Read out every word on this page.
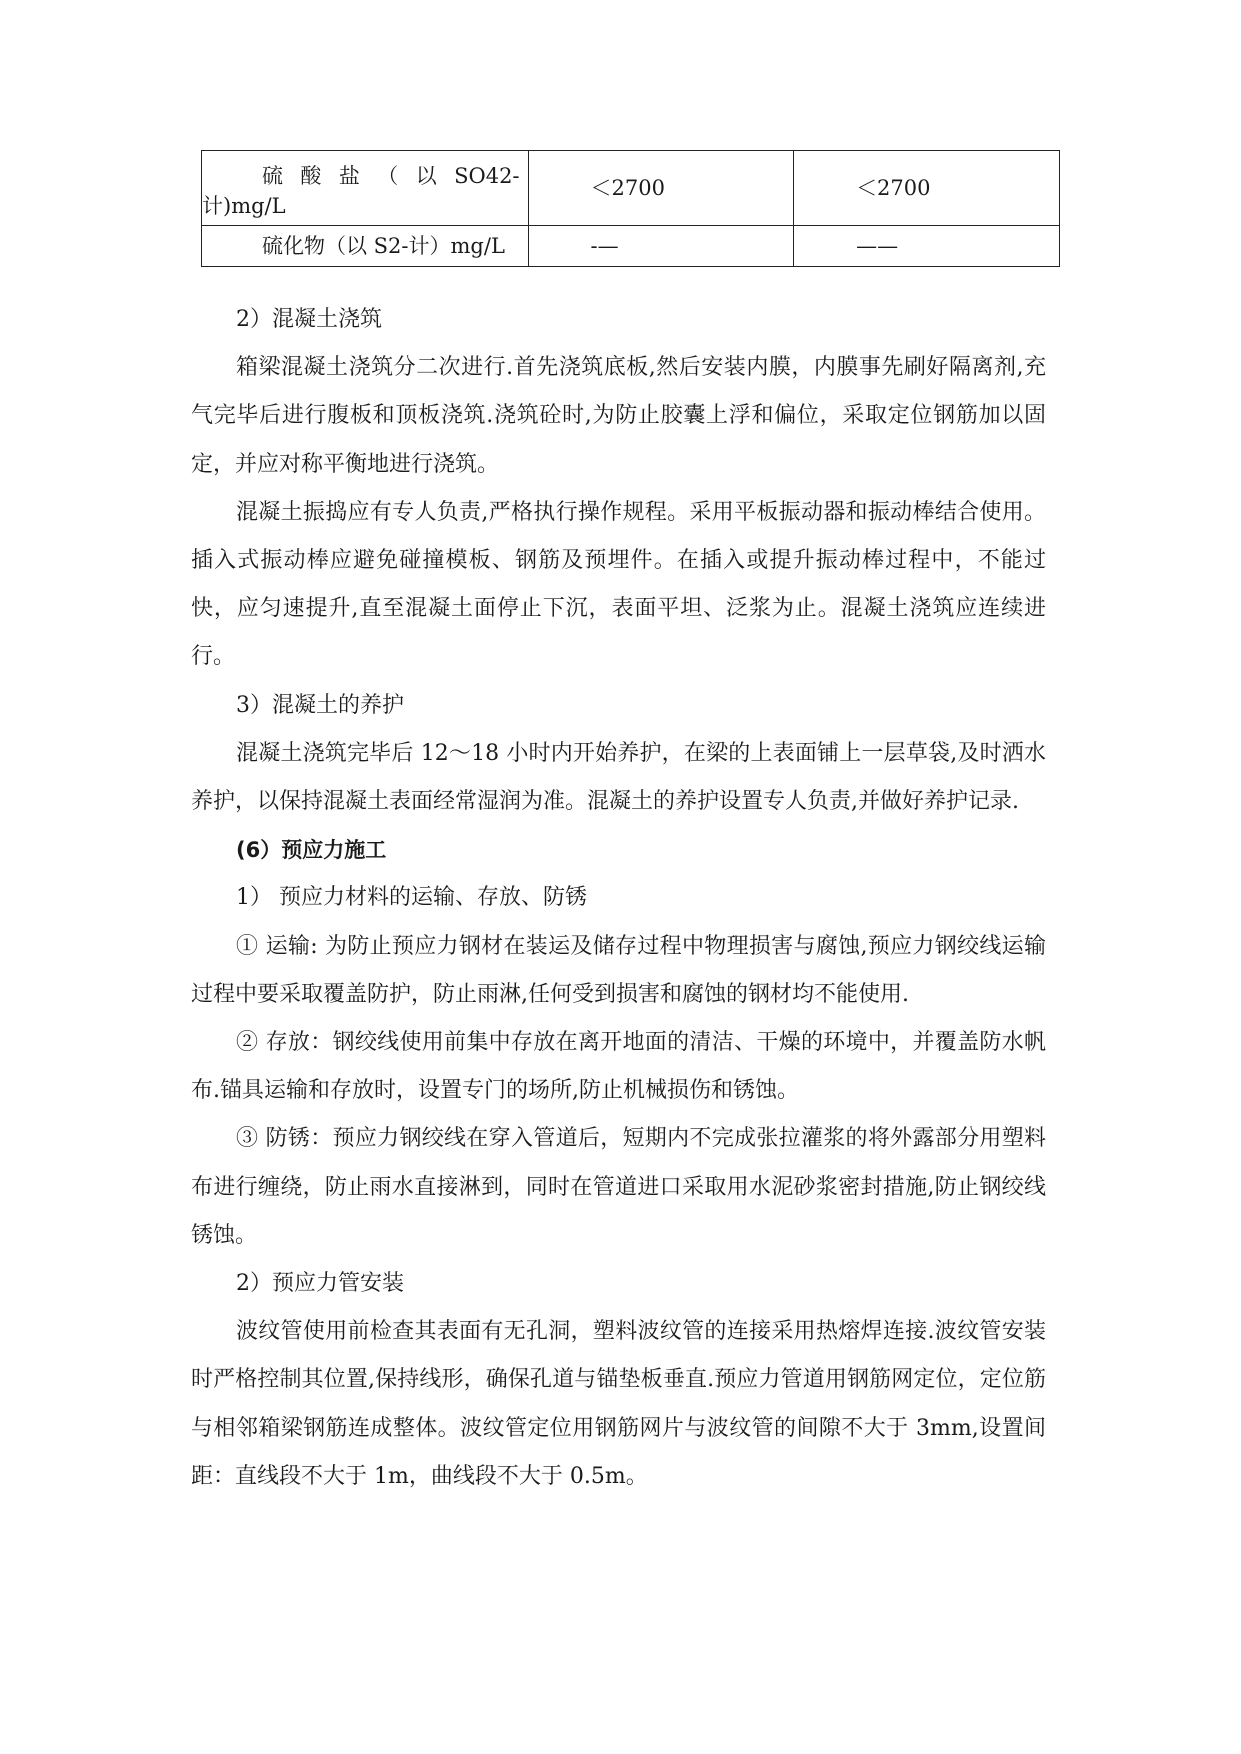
硫 酸 盐 （ 以 SO42-计)mg/L	＜2700	＜2700
硫化物（以 S2-计）mg/L	-—	——

2）混凝土浇筑

箱梁混凝土浇筑分二次进行.首先浇筑底板,然后安装内膜，内膜事先刷好隔离剂,充气完毕后进行腹板和顶板浇筑.浇筑砼时,为防止胶囊上浮和偏位，采取定位钢筋加以固定，并应对称平衡地进行浇筑。

混凝土振捣应有专人负责,严格执行操作规程。采用平板振动器和振动棒结合使用。插入式振动棒应避免碰撞模板、钢筋及预埋件。在插入或提升振动棒过程中，不能过快，应匀速提升,直至混凝土面停止下沉，表面平坦、泛浆为止。混凝土浇筑应连续进行。

3）混凝土的养护

混凝土浇筑完毕后 12～18 小时内开始养护，在梁的上表面铺上一层草袋,及时洒水养护，以保持混凝土表面经常湿润为准。混凝土的养护设置专人负责,并做好养护记录.

(6）预应力施工

1） 预应力材料的运输、存放、防锈

① 运输: 为防止预应力钢材在装运及储存过程中物理损害与腐蚀,预应力钢绞线运输过程中要采取覆盖防护，防止雨淋,任何受到损害和腐蚀的钢材均不能使用.

② 存放：钢绞线使用前集中存放在离开地面的清洁、干燥的环境中，并覆盖防水帆布.锚具运输和存放时，设置专门的场所,防止机械损伤和锈蚀。

③ 防锈：预应力钢绞线在穿入管道后，短期内不完成张拉灌浆的将外露部分用塑料布进行缠绕，防止雨水直接淋到，同时在管道进口采取用水泥砂浆密封措施,防止钢绞线锈蚀。

2）预应力管安装

波纹管使用前检查其表面有无孔洞，塑料波纹管的连接采用热熔焊连接.波纹管安装时严格控制其位置,保持线形，确保孔道与锚垫板垂直.预应力管道用钢筋网定位，定位筋与相邻箱梁钢筋连成整体。波纹管定位用钢筋网片与波纹管的间隙不大于 3mm,设置间距：直线段不大于 1m，曲线段不大于 0.5m。
